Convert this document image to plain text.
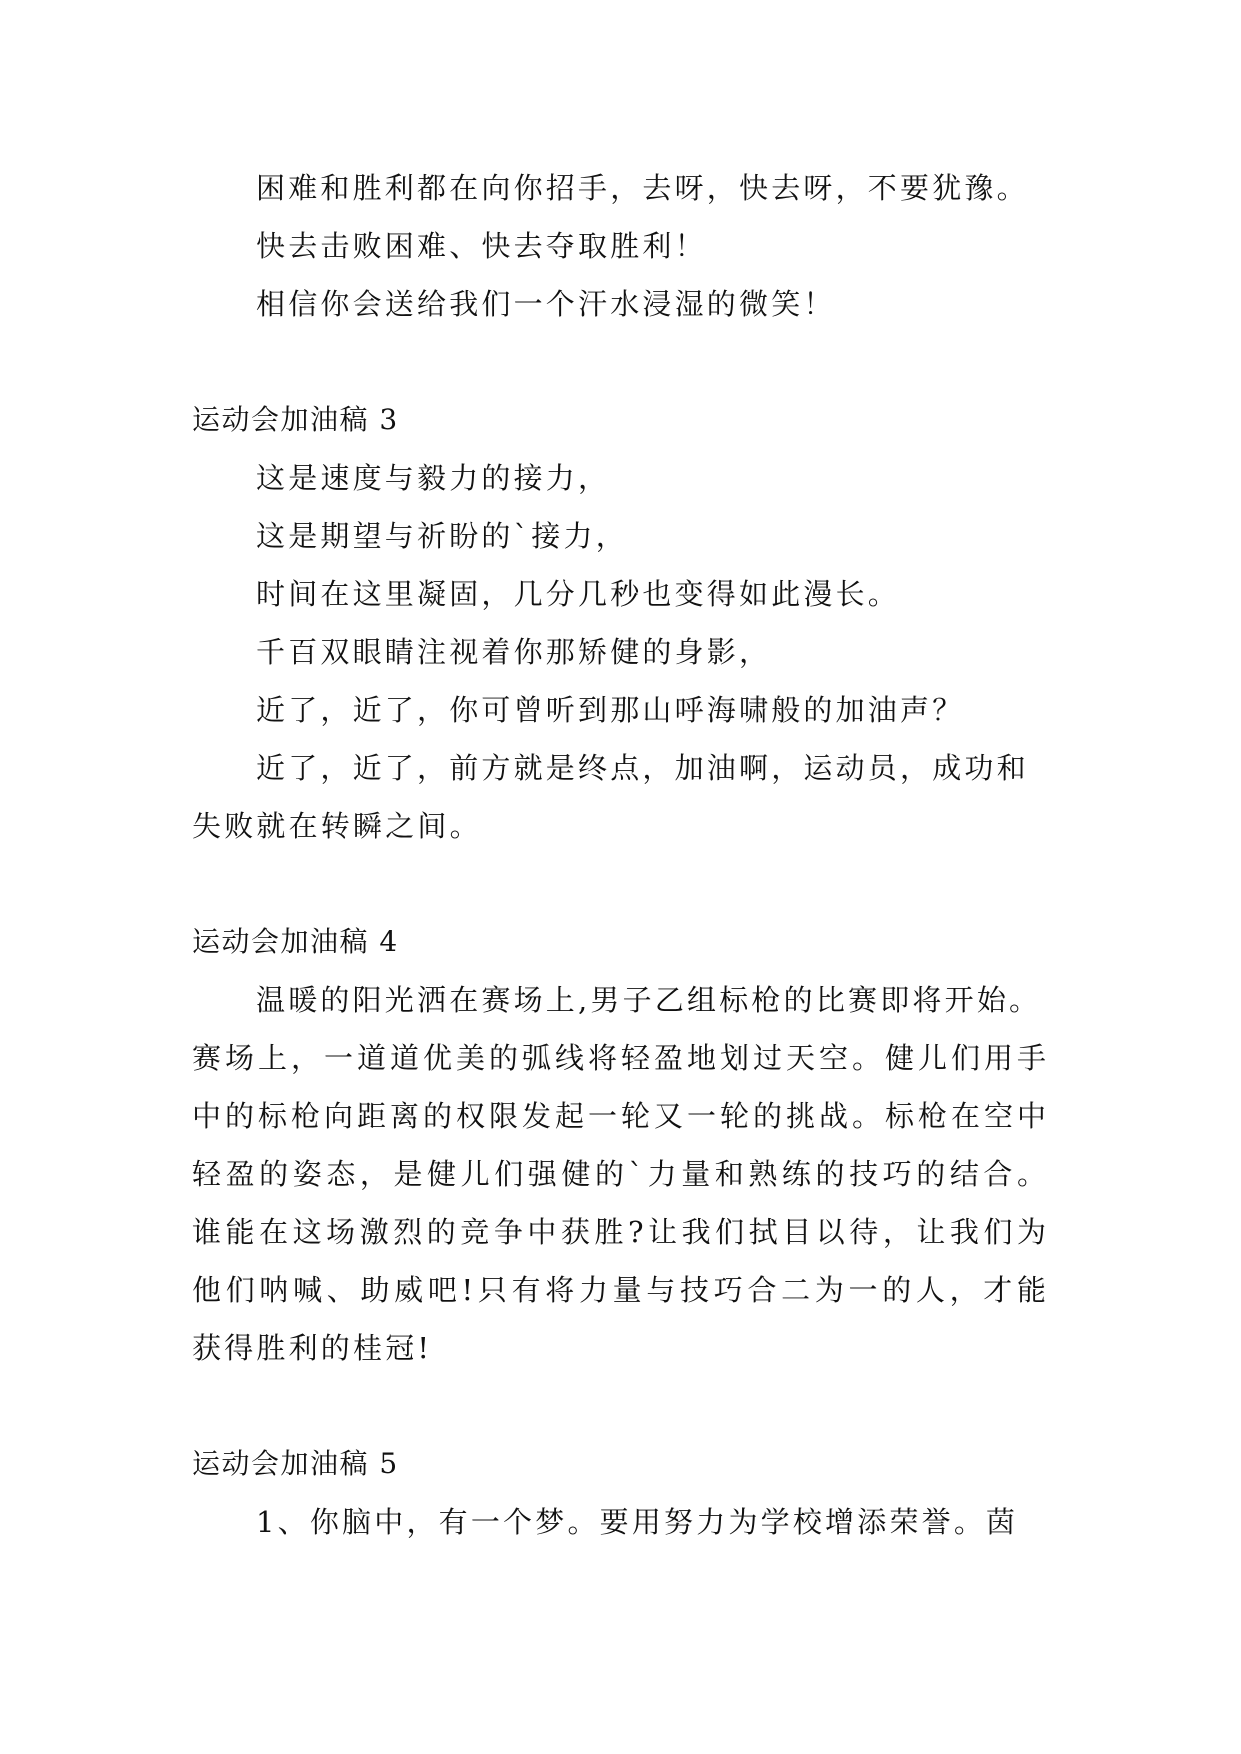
困难和胜利都在向你招手，去呀，快去呀，不要犹豫。
快去击败困难、快去夺取胜利！
相信你会送给我们一个汗水浸湿的微笑！
运动会加油稿 3
这是速度与毅力的接力，
这是期望与祈盼的`接力，
时间在这里凝固，几分几秒也变得如此漫长。
千百双眼睛注视着你那矫健的身影，
近了，近了，你可曾听到那山呼海啸般的加油声？
近了，近了，前方就是终点，加油啊，运动员，成功和
失败就在转瞬之间。
运动会加油稿 4
温暖的阳光洒在赛场上,男子乙组标枪的比赛即将开始。
赛场上，一道道优美的弧线将轻盈地划过天空。健儿们用手
中的标枪向距离的权限发起一轮又一轮的挑战。标枪在空中
轻盈的姿态，是健儿们强健的`力量和熟练的技巧的结合。
谁能在这场激烈的竞争中获胜?让我们拭目以待，让我们为
他们呐喊、助威吧!只有将力量与技巧合二为一的人，才能
获得胜利的桂冠!
运动会加油稿 5
1、你脑中，有一个梦。要用努力为学校增添荣誉。茵
